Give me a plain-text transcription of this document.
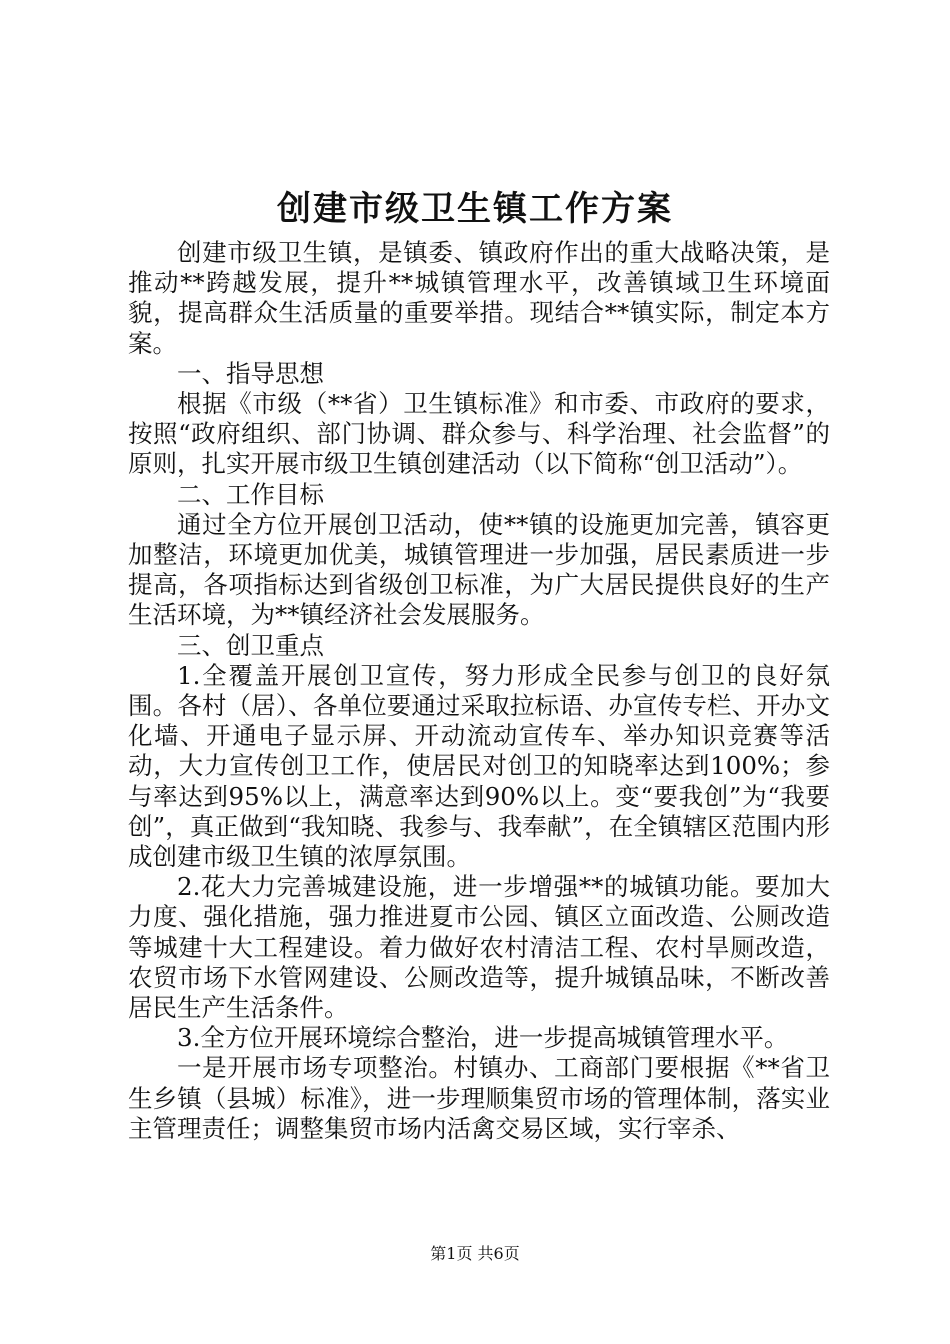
创建市级卫生镇工作方案

创建市级卫生镇，是镇委、镇政府作出的重大战略决策，是推动**跨越发展，提升**城镇管理水平，改善镇域卫生环境面貌，提高群众生活质量的重要举措。现结合**镇实际，制定本方案。

一、指导思想

根据《市级（**省）卫生镇标准》和市委、市政府的要求，按照“政府组织、部门协调、群众参与、科学治理、社会监督”的原则，扎实开展市级卫生镇创建活动（以下简称“创卫活动”）。

二、工作目标

通过全方位开展创卫活动，使**镇的设施更加完善，镇容更加整洁，环境更加优美，城镇管理进一步加强，居民素质进一步提高，各项指标达到省级创卫标准，为广大居民提供良好的生产生活环境，为**镇经济社会发展服务。

三、创卫重点

1.全覆盖开展创卫宣传，努力形成全民参与创卫的良好氛围。各村（居）、各单位要通过采取拉标语、办宣传专栏、开办文化墙、开通电子显示屏、开动流动宣传车、举办知识竞赛等活动，大力宣传创卫工作，使居民对创卫的知晓率达到100%；参与率达到95%以上，满意率达到90%以上。变“要我创”为“我要创”，真正做到“我知晓、我参与、我奉献”，在全镇辖区范围内形成创建市级卫生镇的浓厚氛围。

2.花大力完善城建设施，进一步增强**的城镇功能。要加大力度、强化措施，强力推进夏市公园、镇区立面改造、公厕改造等城建十大工程建设。着力做好农村清洁工程、农村旱厕改造，农贸市场下水管网建设、公厕改造等，提升城镇品味，不断改善居民生产生活条件。

3.全方位开展环境综合整治，进一步提高城镇管理水平。

一是开展市场专项整治。村镇办、工商部门要根据《**省卫生乡镇（县城）标准》，进一步理顺集贸市场的管理体制，落实业主管理责任；调整集贸市场内活禽交易区域，实行宰杀、

第1页 共6页
